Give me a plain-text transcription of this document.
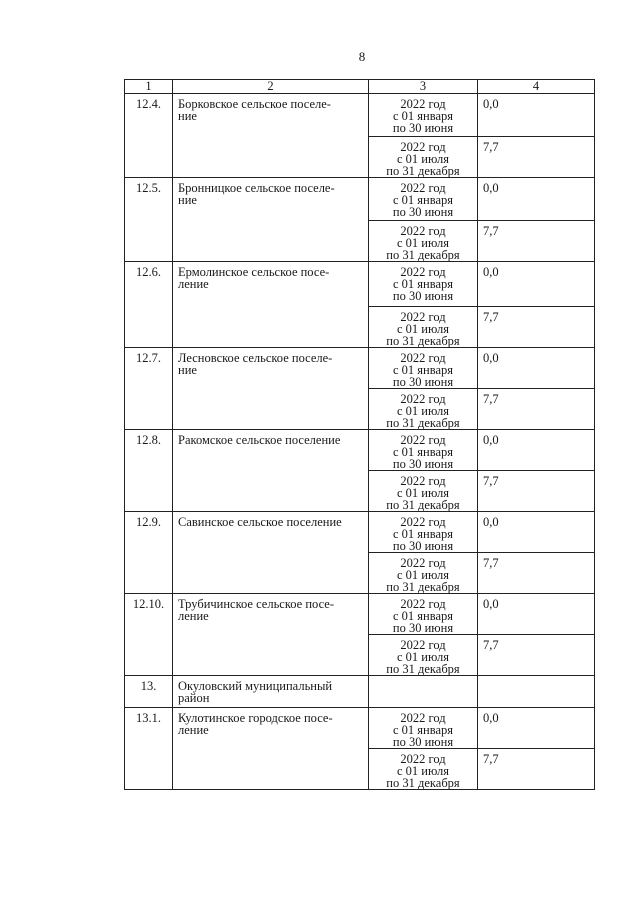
8
1	2	3	4
12.4.	Борковское сельское поселе-
ние	2022 год
с 01 января
по 30 июня	0,0

		2022 год
с 01 июля
по 31 декабря	7,7
12.5.	Бронницкое сельское поселе-
ние	2022 год
с 01 января
по 30 июня	0,0

		2022 год
с 01 июля
по 31 декабря	7,7
12.6.	Ермолинское сельское посе-
ление	2022 год
с 01 января
по 30 июня	0,0

		2022 год
с 01 июля
по 31 декабря	7,7
12.7.	Лесновское сельское поселе-
ние	2022 год
с 01 января
по 30 июня	0,0

		2022 год
с 01 июля
по 31 декабря	7,7
12.8.	Ракомское сельское поселение	2022 год
с 01 января
по 30 июня	0,0

		2022 год
с 01 июля
по 31 декабря	7,7
12.9.	Савинское сельское поселение	2022 год
с 01 января
по 30 июня	0,0

		2022 год
с 01 июля
по 31 декабря	7,7
12.10.	Трубичинское сельское посе-
ление	2022 год
с 01 января
по 30 июня	0,0

		2022 год
с 01 июля
по 31 декабря	7,7
13.	Окуловский муниципальный
район		

13.1.	Кулотинское городское посе-
ление	2022 год
с 01 января
по 30 июня	0,0

		2022 год
с 01 июля
по 31 декабря	7,7
